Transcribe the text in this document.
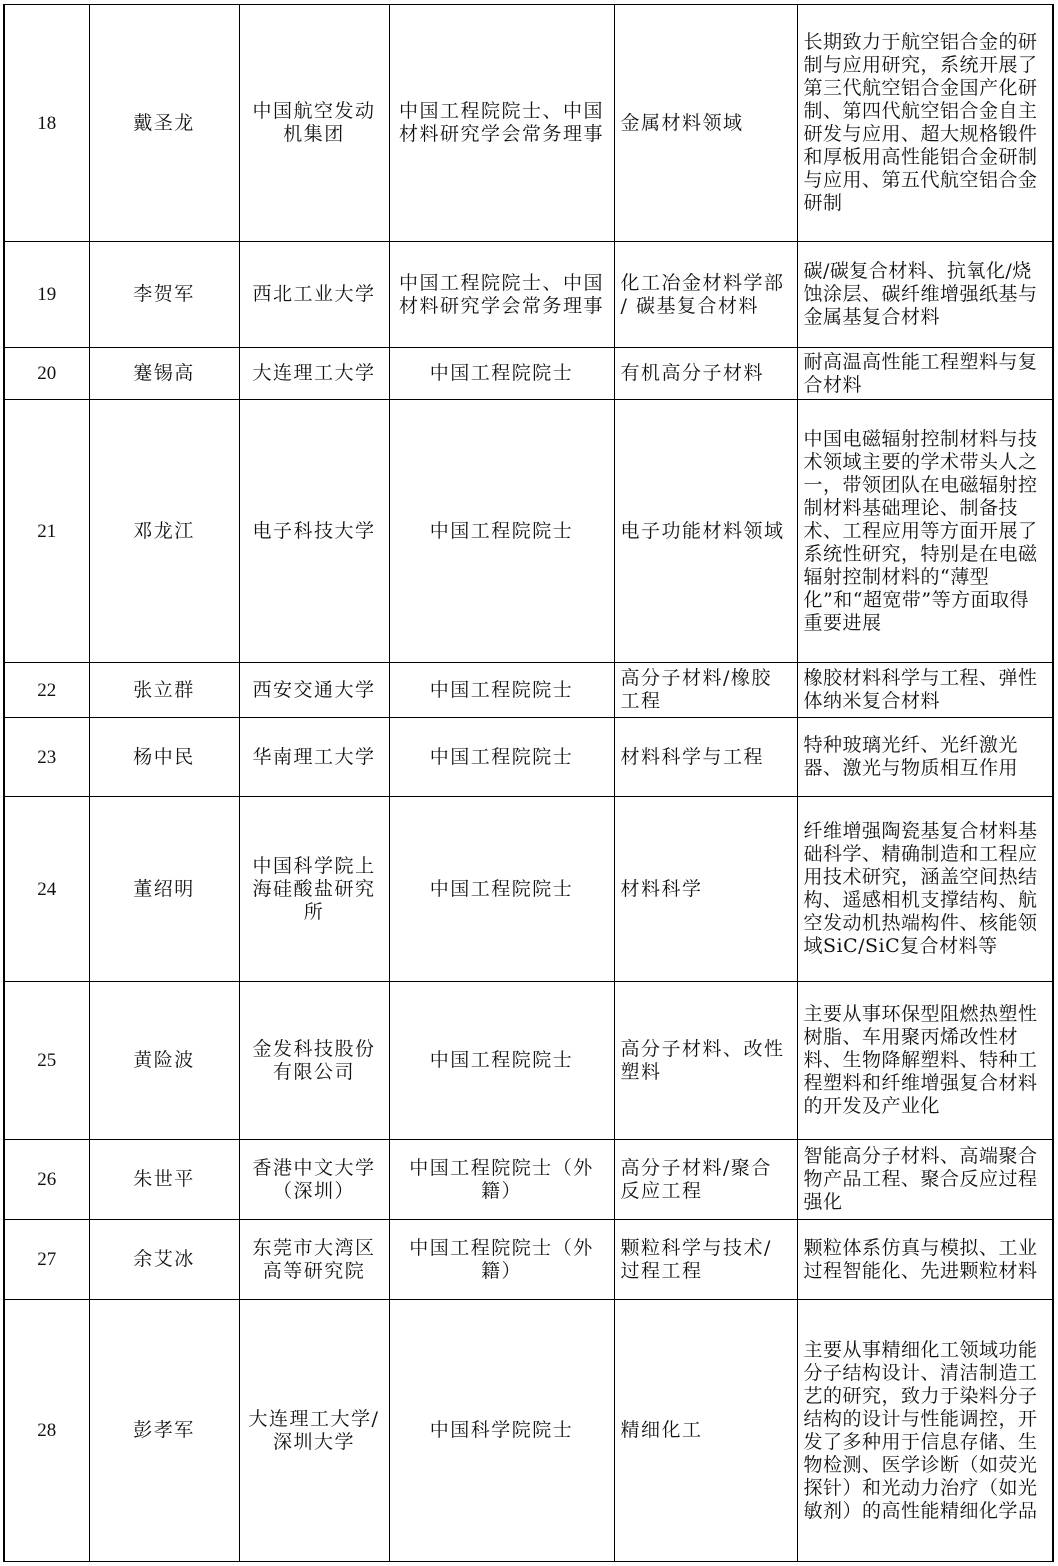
18	戴圣龙	中国航空发动机集团	中国工程院院士、中国材料研究学会常务理事	金属材料领域	长期致力于航空铝合金的研制与应用研究，系统开展了第三代航空铝合金国产化研制、第四代航空铝合金自主研发与应用、超大规格锻件和厚板用高性能铝合金研制与应用、第五代航空铝合金研制
19	李贺军	西北工业大学	中国工程院院士、中国材料研究学会常务理事	化工冶金材料学部 / 碳基复合材料	碳/碳复合材料、抗氧化/烧蚀涂层、碳纤维增强纸基与金属基复合材料
20	蹇锡高	大连理工大学	中国工程院院士	有机高分子材料	耐高温高性能工程塑料与复合材料
21	邓龙江	电子科技大学	中国工程院院士	电子功能材料领域	中国电磁辐射控制材料与技术领域主要的学术带头人之一，带领团队在电磁辐射控制材料基础理论、制备技术、工程应用等方面开展了系统性研究，特别是在电磁辐射控制材料的“薄型化”和“超宽带”等方面取得重要进展
22	张立群	西安交通大学	中国工程院院士	高分子材料/橡胶工程	橡胶材料科学与工程、弹性体纳米复合材料
23	杨中民	华南理工大学	中国工程院院士	材料科学与工程	特种玻璃光纤、光纤激光器、激光与物质相互作用
24	董绍明	中国科学院上海硅酸盐研究所	中国工程院院士	材料科学	纤维增强陶瓷基复合材料基础科学、精确制造和工程应用技术研究，涵盖空间热结构、遥感相机支撑结构、航空发动机热端构件、核能领域SiC/SiC复合材料等
25	黄险波	金发科技股份有限公司	中国工程院院士	高分子材料、改性塑料	主要从事环保型阻燃热塑性树脂、车用聚丙烯改性材料、生物降解塑料、特种工程塑料和纤维增强复合材料的开发及产业化
26	朱世平	香港中文大学（深圳）	中国工程院院士（外籍）	高分子材料/聚合反应工程	智能高分子材料、高端聚合物产品工程、聚合反应过程强化
27	余艾冰	东莞市大湾区高等研究院	中国工程院院士（外籍）	颗粒科学与技术/过程工程	颗粒体系仿真与模拟、工业过程智能化、先进颗粒材料
28	彭孝军	大连理工大学/深圳大学	中国科学院院士	精细化工	主要从事精细化工领域功能分子结构设计、清洁制造工艺的研究，致力于染料分子结构的设计与性能调控，开发了多种用于信息存储、生物检测、医学诊断（如荧光探针）和光动力治疗（如光敏剂）的高性能精细化学品
